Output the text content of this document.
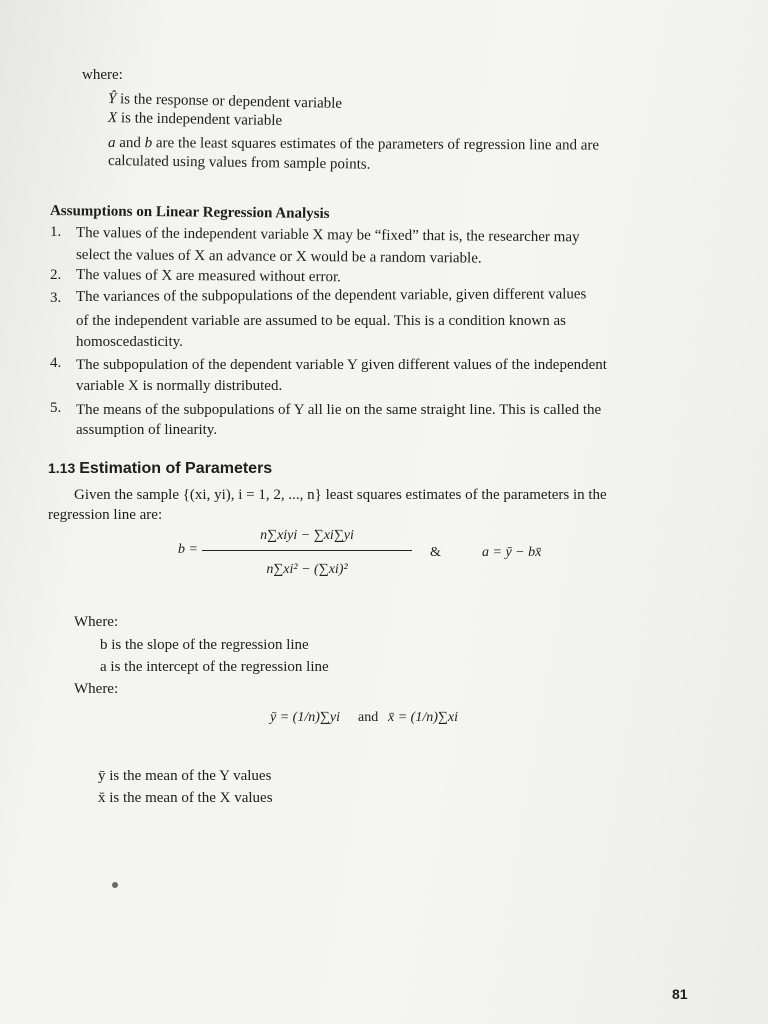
where:
Ŷ is the response or dependent variable
X is the independent variable
a and b are the least squares estimates of the parameters of regression line and are
calculated using values from sample points.
Assumptions on Linear Regression Analysis
1. The values of the independent variable X may be “fixed” that is, the researcher may
select the values of X an advance or X would be a random variable.
2. The values of X are measured without error.
3. The variances of the subpopulations of the dependent variable, given different values
of the independent variable are assumed to be equal. This is a condition known as
homoscedasticity.
4. The subpopulation of the dependent variable Y given different values of the independent
variable X is normally distributed.
5. The means of the subpopulations of Y all lie on the same straight line. This is called the
assumption of linearity.
1.13 Estimation of Parameters
Given the sample {(xi, yi), i = 1, 2, ..., n} least squares estimates of the parameters in the
regression line are:
b =
n∑xiyi − ∑xi∑yi
n∑xi² − (∑xi)²
&	a = ȳ − bx̄
Where:
b is the slope of the regression line
a is the intercept of the regression line
Where:
ȳ = (1/n)∑yi and x̄ = (1/n)∑xi
ȳ is the mean of the Y values
x̄ is the mean of the X values
81
